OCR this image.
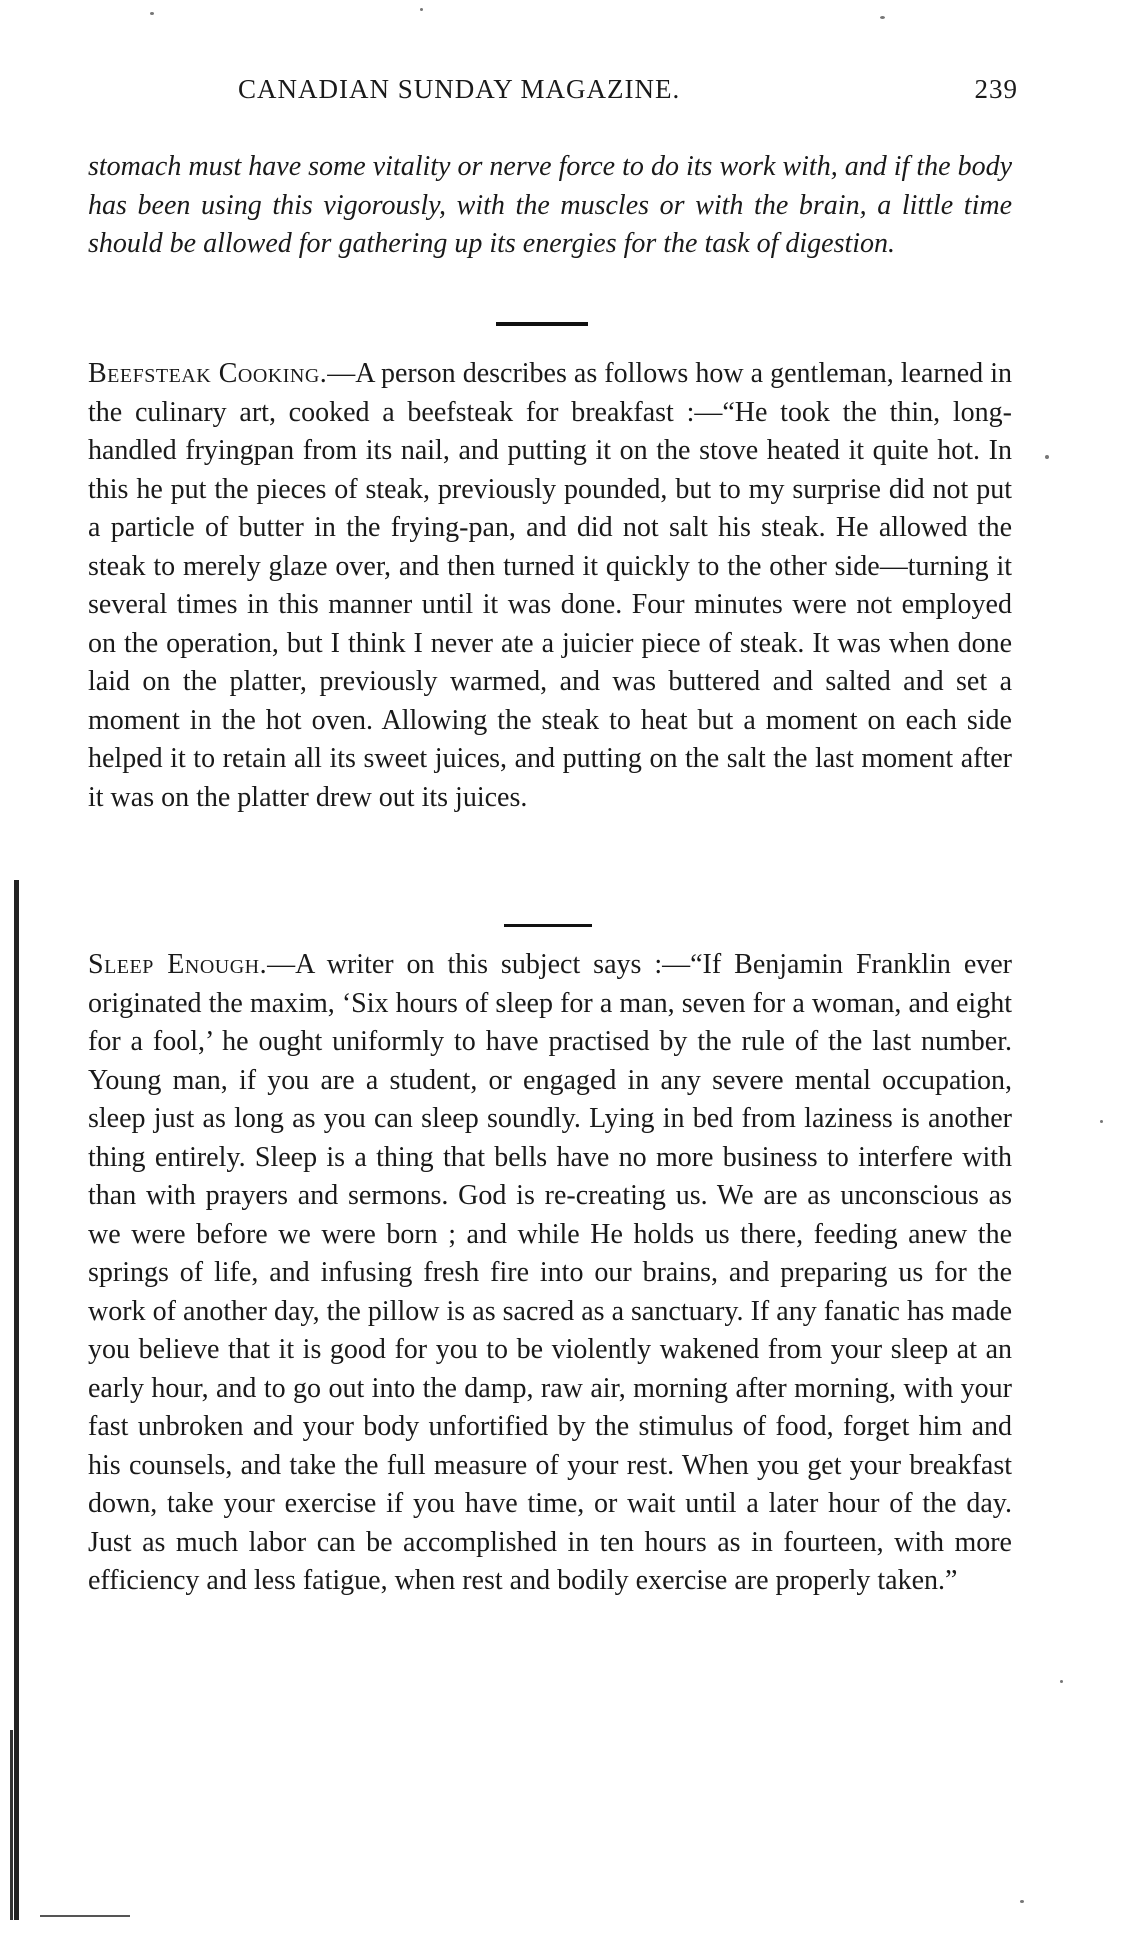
CANADIAN SUNDAY MAGAZINE.	239
stomach must have some vitality or nerve force to do its work with, and if the body has been using this vigorously, with the muscles or with the brain, a little time should be allowed for gathering up its energies for the task of digestion.
Beefsteak Cooking.—A person describes as follows how a gentleman, learned in the culinary art, cooked a beefsteak for breakfast :—“He took the thin, long-handled fryingpan from its nail, and putting it on the stove heated it quite hot. In this he put the pieces of steak, previously pounded, but to my surprise did not put a particle of butter in the frying-pan, and did not salt his steak. He allowed the steak to merely glaze over, and then turned it quickly to the other side—turning it several times in this manner until it was done. Four minutes were not employed on the operation, but I think I never ate a juicier piece of steak. It was when done laid on the platter, previously warmed, and was buttered and salted and set a moment in the hot oven. Allowing the steak to heat but a moment on each side helped it to retain all its sweet juices, and putting on the salt the last moment after it was on the platter drew out its juices.
Sleep Enough.—A writer on this subject says :—“If Benjamin Franklin ever originated the maxim, ‘Six hours of sleep for a man, seven for a woman, and eight for a fool,’ he ought uniformly to have practised by the rule of the last number. Young man, if you are a student, or engaged in any severe mental occupation, sleep just as long as you can sleep soundly. Lying in bed from laziness is another thing entirely. Sleep is a thing that bells have no more business to interfere with than with prayers and sermons. God is re-creating us. We are as unconscious as we were before we were born ; and while He holds us there, feeding anew the springs of life, and infusing fresh fire into our brains, and preparing us for the work of another day, the pillow is as sacred as a sanctuary. If any fanatic has made you believe that it is good for you to be violently wakened from your sleep at an early hour, and to go out into the damp, raw air, morning after morning, with your fast unbroken and your body unfortified by the stimulus of food, forget him and his counsels, and take the full measure of your rest. When you get your breakfast down, take your exercise if you have time, or wait until a later hour of the day. Just as much labor can be accomplished in ten hours as in fourteen, with more efficiency and less fatigue, when rest and bodily exercise are properly taken.”
